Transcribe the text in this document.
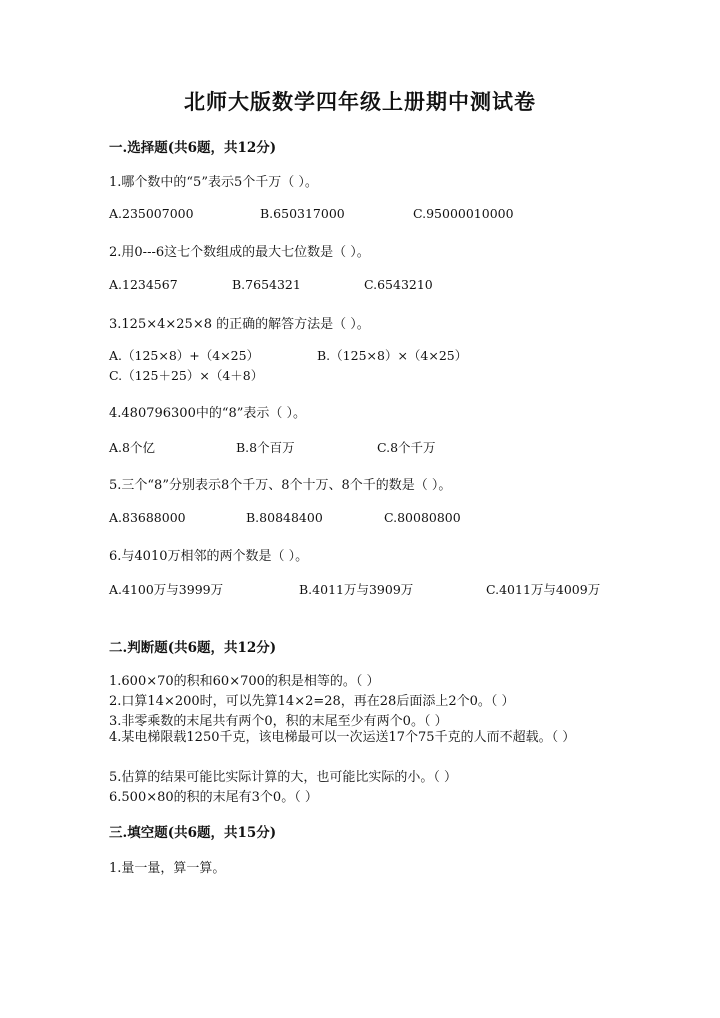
北师大版数学四年级上册期中测试卷
一.选择题(共6题，共12分)
1.哪个数中的“5”表示5个千万（ ）。
A.235007000	B.650317000	C.95000010000
2.用0---6这七个数组成的最大七位数是（ ）。
A.1234567	B.7654321	C.6543210
3.125×4×25×8 的正确的解答方法是（ ）。
A.（125×8）+（4×25）	B.（125×8）×（4×25）C.（125＋25）×（4＋8）
4.480796300中的“8”表示（ ）。
A.8个亿	B.8个百万	C.8个千万
5.三个“8”分别表示8个千万、8个十万、8个千的数是（ ）。
A.83688000	B.80848400	C.80080800
6.与4010万相邻的两个数是（ ）。
A.4100万与3999万	B.4011万与3909万	C.4011万与4009万
二.判断题(共6题，共12分)
1.600×70的积和60×700的积是相等的。（ ）
2.口算14×200时，可以先算14×2=28，再在28后面添上2个0。（ ）
3.非零乘数的末尾共有两个0，积的末尾至少有两个0。（ ）
4.某电梯限载1250千克，该电梯最可以一次运送17个75千克的人而不超载。（ ）
5.估算的结果可能比实际计算的大，也可能比实际的小。（ ）
6.500×80的积的末尾有3个0。（ ）
三.填空题(共6题，共15分)
1.量一量，算一算。
